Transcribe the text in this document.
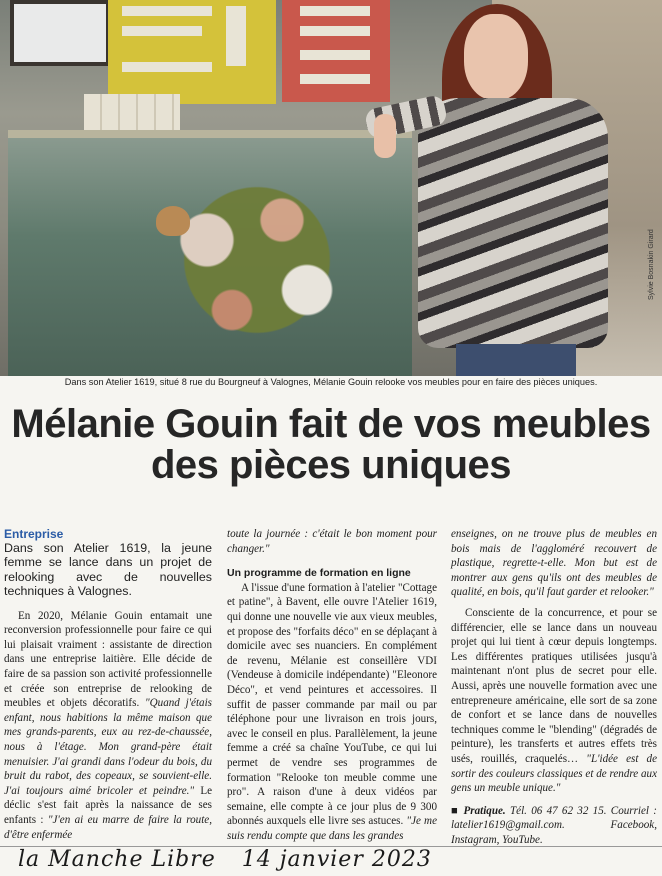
Sylvie Bosnakin Girard
Dans son Atelier 1619, situé 8 rue du Bourgneuf à Valognes, Mélanie Gouin relooke vos meubles pour en faire des pièces uniques.
Mélanie Gouin fait de vos meubles
des pièces uniques
Entreprise
Dans son Atelier 1619, la jeune femme se lance dans un projet de relooking avec de nouvelles techniques à Valognes.

En 2020, Mélanie Gouin entamait une reconversion professionnelle pour faire ce qui lui plaisait vraiment : assistante de direction dans une entreprise laitière. Elle décide de faire de sa passion son activité professionnelle et créée son entreprise de relooking de meubles et objets décoratifs. "Quand j'étais enfant, nous habitions la même maison que mes grands-parents, eux au rez-de-chaussée, nous à l'étage. Mon grand-père était menuisier. J'ai grandi dans l'odeur du bois, du bruit du rabot, des copeaux, se souvient-elle. J'ai toujours aimé bricoler et peindre." Le déclic s'est fait après la naissance de ses enfants : "J'en ai eu marre de faire la route, d'être enfermée

toute la journée : c'était le bon moment pour changer."

Un programme de formation en ligne

A l'issue d'une formation à l'atelier "Cottage et patine", à Bavent, elle ouvre l'Atelier 1619, qui donne une nouvelle vie aux vieux meubles, et propose des "forfaits déco" en se déplaçant à domicile avec ses nuanciers. En complément de revenu, Mélanie est conseillère VDI (Vendeuse à domicile indépendante) "Eleonore Déco", et vend peintures et accessoires. Il suffit de passer commande par mail ou par téléphone pour une livraison en trois jours, avec le conseil en plus. Parallèlement, la jeune femme a créé sa chaîne YouTube, ce qui lui permet de vendre ses programmes de formation "Relooke ton meuble comme une pro". A raison d'une à deux vidéos par semaine, elle compte à ce jour plus de 9 300 abonnés auxquels elle livre ses astuces. "Je me suis rendu compte que dans les grandes

enseignes, on ne trouve plus de meubles en bois mais de l'aggloméré recouvert de plastique, regrette-t-elle. Mon but est de montrer aux gens qu'ils ont des meubles de qualité, en bois, qu'il faut garder et relooker."

Consciente de la concurrence, et pour se différencier, elle se lance dans un nouveau projet qui lui tient à cœur depuis longtemps. Les différentes pratiques utilisées jusqu'à maintenant n'ont plus de secret pour elle. Aussi, après une nouvelle formation avec une entrepreneure américaine, elle sort de sa zone de confort et se lance dans de nouvelles techniques comme le "blending" (dégradés de peinture), les transferts et autres effets très usés, rouillés, craquelés… "L'idée est de sortir des couleurs classiques et de rendre aux gens un meuble unique."

■ Pratique. Tél. 06 47 62 32 15. Courriel : latelier1619@gmail.com. Facebook, Instagram, YouTube.

la Manche Libre 14 janvier 2023
